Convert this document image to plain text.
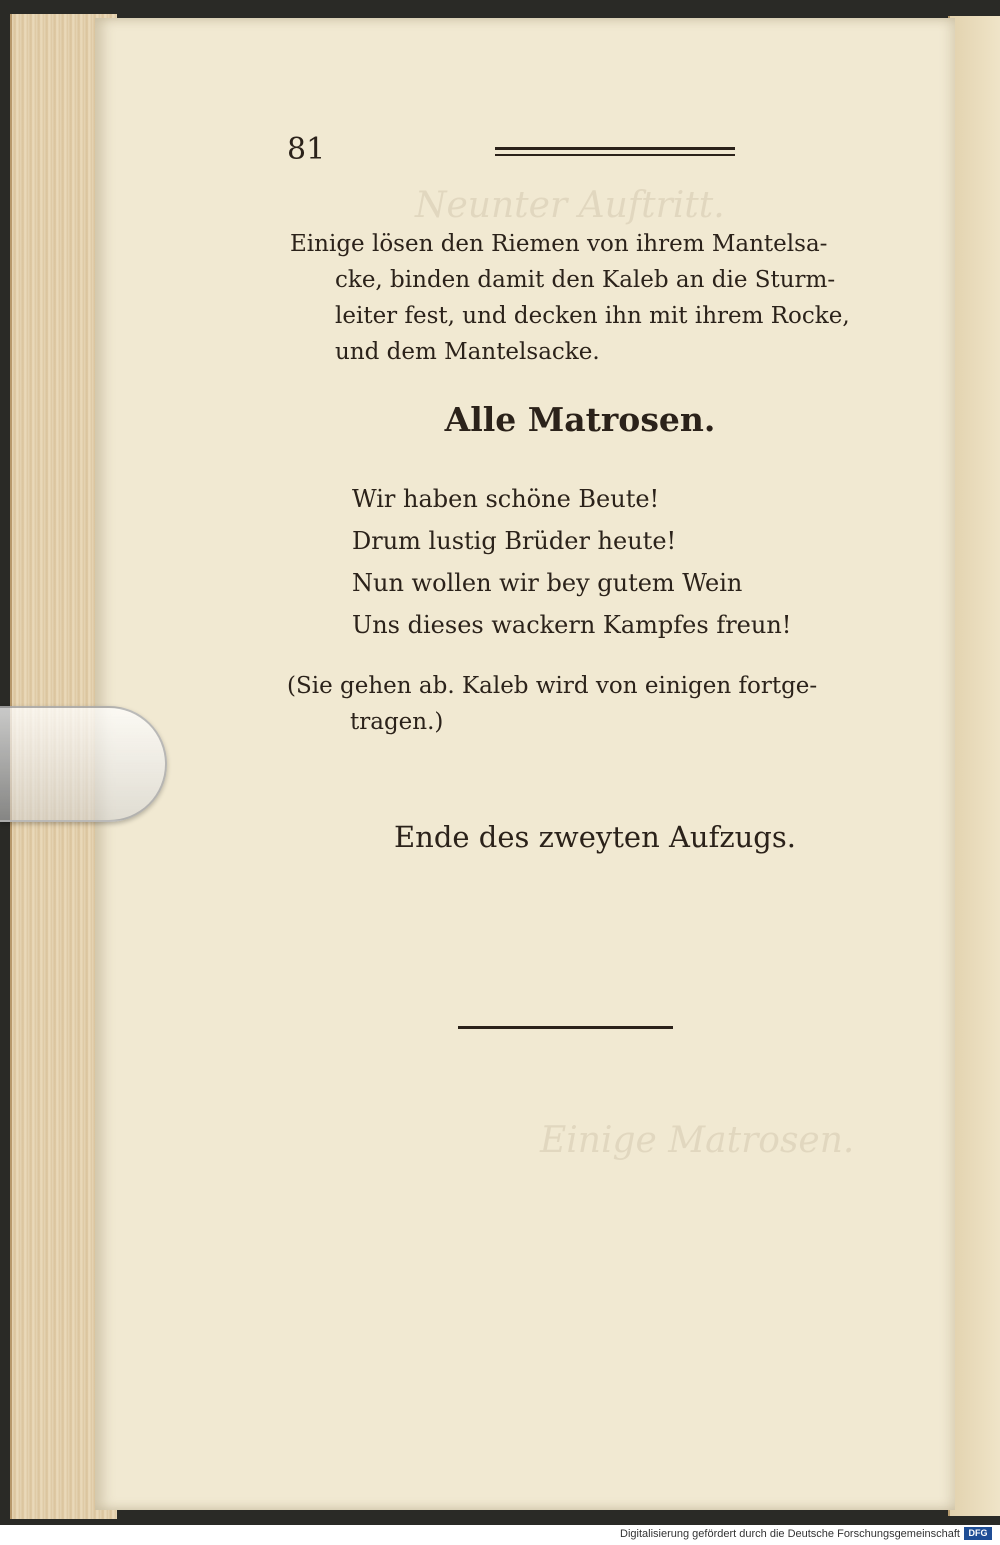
Neunter Auftritt.
Einige Matrosen.
81
Einige lösen den Riemen von ihrem Mantelsa-
cke, binden damit den Kaleb an die Sturm-
leiter fest, und decken ihn mit ihrem Rocke,
und dem Mantelsacke.
Alle Matrosen.
Wir haben schöne Beute!
Drum lustig Brüder heute!
Nun wollen wir bey gutem Wein
Uns dieses wackern Kampfes freun!
(Sie gehen ab. Kaleb wird von einigen fortge-
tragen.)
Ende des zweyten Aufzugs.
Digitalisierung gefördert durch die Deutsche Forschungsgemeinschaft DFG
